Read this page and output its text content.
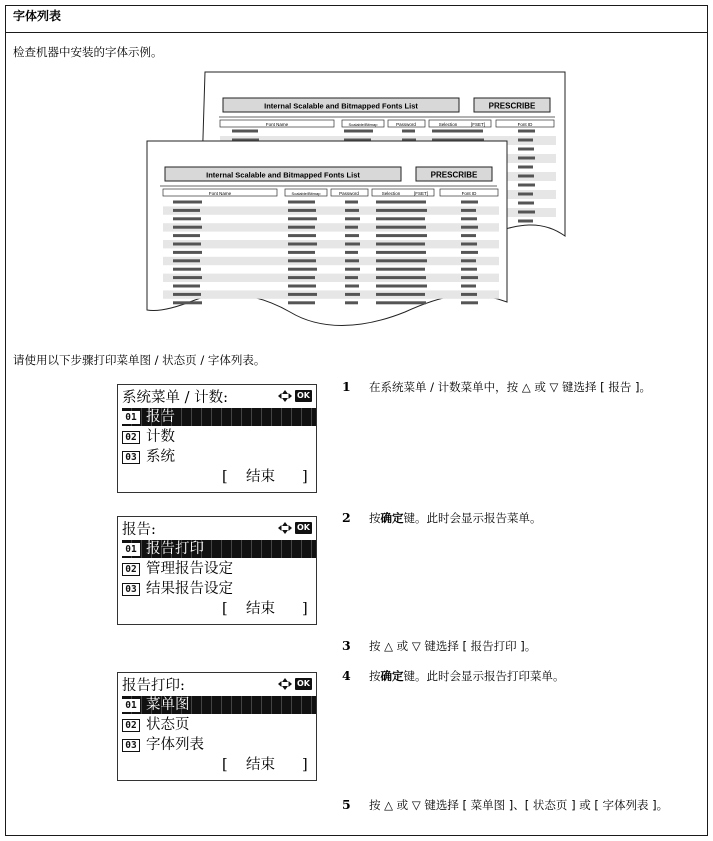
字体列表
检查机器中安装的字体示例。
Internal Scalable and Bitmapped Fonts List	PRESCRIBE
Font Name	Scalable/Bitmap	Password	Selection	[FSET]	Font ID
Internal Scalable and Bitmapped Fonts List	PRESCRIBE
Font Name	Scalable/Bitmap	Password	Selection	[FSET]	Font ID
请使用以下步骤打印菜单图 / 状态页 / 字体列表。
系统菜单 / 计数:	OK
01 报告
02 计数
03 系统
[ 结束 ]
报告:	OK
01 报告打印
02 管理报告设定
03 结果报告设定
[ 结束 ]
报告打印:	OK
01 菜单图
02 状态页
03 字体列表
[ 结束 ]
1	在系统菜单 / 计数菜单中，按 △ 或 ▽ 键选择 [ 报告 ]。
2	按确定键。此时会显示报告菜单。
3	按 △ 或 ▽ 键选择 [ 报告打印 ]。
4	按确定键。此时会显示报告打印菜单。
5	按 △ 或 ▽ 键选择 [ 菜单图 ]、[ 状态页 ] 或 [ 字体列表 ]。
